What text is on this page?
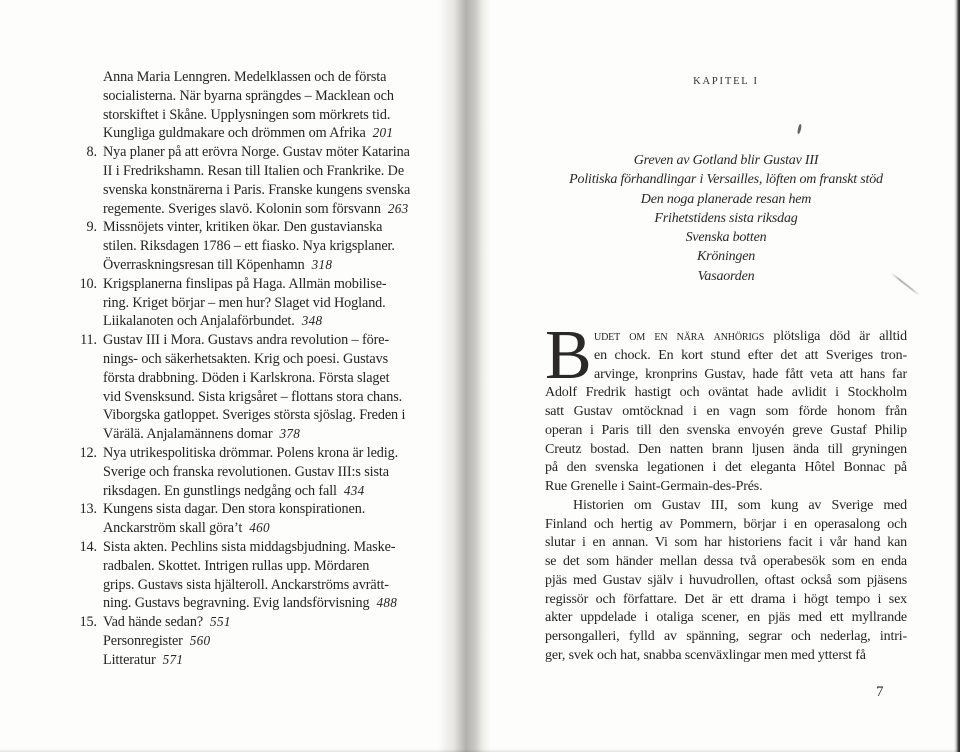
Anna Maria Lenngren. Medelklassen och de första
socialisterna. När byarna sprängdes – Macklean och
storskiftet i Skåne. Upplysningen som mörkrets tid.
Kungliga guldmakare och drömmen om Afrika 201
8. Nya planer på att erövra Norge. Gustav möter Katarina
II i Fredrikshamn. Resan till Italien och Frankrike. De
svenska konstnärerna i Paris. Franske kungens svenska
regemente. Sveriges slavö. Kolonin som försvann 263
9. Missnöjets vinter, kritiken ökar. Den gustavianska
stilen. Riksdagen 1786 – ett fiasko. Nya krigsplaner.
Överraskningsresan till Köpenhamn 318
10. Krigsplanerna finslipas på Haga. Allmän mobilise-
ring. Kriget börjar – men hur? Slaget vid Hogland.
Liikalanoten och Anjalaförbundet. 348
11. Gustav III i Mora. Gustavs andra revolution – före-
nings- och säkerhetsakten. Krig och poesi. Gustavs
första drabbning. Döden i Karlskrona. Första slaget
vid Svensksund. Sista krigsåret – flottans stora chans.
Viborgska gatloppet. Sveriges största sjöslag. Freden i
Värälä. Anjalamännens domar 378
12. Nya utrikespolitiska drömmar. Polens krona är ledig.
Sverige och franska revolutionen. Gustav III:s sista
riksdagen. En gunstlings nedgång och fall 434
13. Kungens sista dagar. Den stora konspirationen.
Anckarström skall göra’t 460
14. Sista akten. Pechlins sista middagsbjudning. Maske-
radbalen. Skottet. Intrigen rullas upp. Mördaren
grips. Gustavs sista hjälteroll. Anckarströms avrätt-
ning. Gustavs begravning. Evig landsförvisning 488
15. Vad hände sedan? 551
Personregister 560
Litteratur 571
KAPITEL I
Greven av Gotland blir Gustav III
Politiska förhandlingar i Versailles, löften om franskt stöd
Den noga planerade resan hem
Frihetstidens sista riksdag
Svenska botten
Kröningen
Vasaorden
B udet om en nära anhörigs plötsliga död är alltid
en chock. En kort stund efter det att Sveriges tron-
arvinge, kronprins Gustav, hade fått veta att hans far
Adolf Fredrik hastigt och oväntat hade avlidit i Stockholm
satt Gustav omtöcknad i en vagn som förde honom från
operan i Paris till den svenska envoyén greve Gustaf Philip
Creutz bostad. Den natten brann ljusen ända till gryningen
på den svenska legationen i det eleganta Hôtel Bonnac på
Rue Grenelle i Saint-Germain-des-Prés.
Historien om Gustav III, som kung av Sverige med
Finland och hertig av Pommern, börjar i en operasalong och
slutar i en annan. Vi som har historiens facit i vår hand kan
se det som händer mellan dessa två operabesök som en enda
pjäs med Gustav själv i huvudrollen, oftast också som pjäsens
regissör och författare. Det är ett drama i högt tempo i sex
akter uppdelade i otaliga scener, en pjäs med ett myllrande
persongalleri, fylld av spänning, segrar och nederlag, intri-
ger, svek och hat, snabba scenväxlingar men med ytterst få
7
